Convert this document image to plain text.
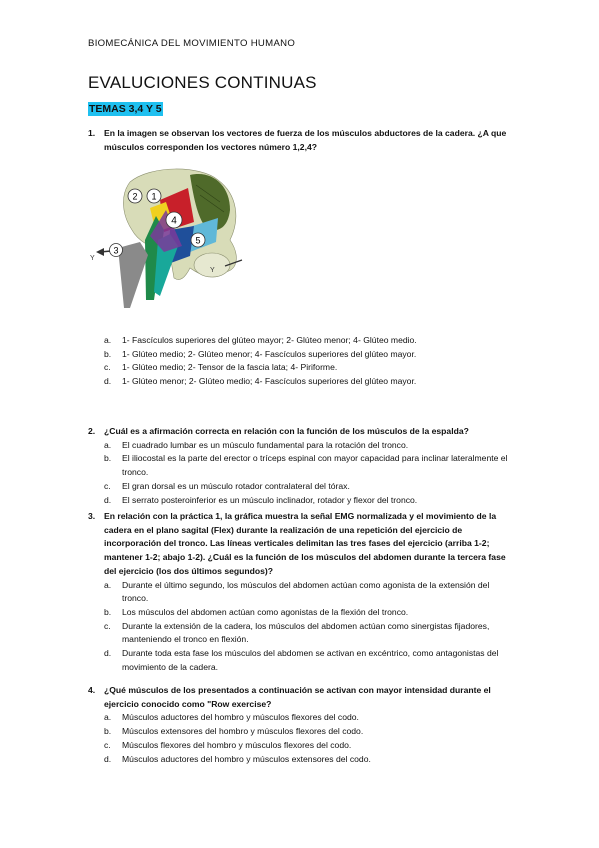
BIOMECÁNICA DEL MOVIMIENTO HUMANO
EVALUCIONES CONTINUAS
TEMAS 3,4 Y 5
1. En la imagen se observan los vectores de fuerza de los músculos abductores de la cadera. ¿A que músculos corresponden los vectores número 1,2,4?
2 1
4
3
5
Y
Y
a. 1- Fascículos superiores del glúteo mayor; 2- Glúteo menor; 4- Glúteo medio.
b. 1- Glúteo medio; 2- Glúteo menor; 4- Fascículos superiores del glúteo mayor.
c. 1- Glúteo medio; 2- Tensor de la fascia lata; 4- Piriforme.
d. 1- Glúteo menor; 2- Glúteo medio; 4- Fascículos superiores del glúteo mayor.
2. ¿Cuál es a afirmación correcta en relación con la función de los músculos de la espalda?
a. El cuadrado lumbar es un músculo fundamental para la rotación del tronco.
b. El iliocostal es la parte del erector o tríceps espinal con mayor capacidad para inclinar lateralmente el tronco.
c. El gran dorsal es un músculo rotador contralateral del tórax.
d. El serrato posteroinferior es un músculo inclinador, rotador y flexor del tronco.
3. En relación con la práctica 1, la gráfica muestra la señal EMG normalizada y el movimiento de la cadera en el plano sagital (Flex) durante la realización de una repetición del ejercicio de incorporación del tronco. Las líneas verticales delimitan las tres fases del ejercicio (arriba 1-2; mantener 1-2; abajo 1-2). ¿Cuál es la función de los músculos del abdomen durante la tercera fase del ejercicio (los dos últimos segundos)?
a. Durante el último segundo, los músculos del abdomen actúan como agonista de la extensión del tronco.
b. Los músculos del abdomen actúan como agonistas de la flexión del tronco.
c. Durante la extensión de la cadera, los músculos del abdomen actúan como sinergistas fijadores, manteniendo el tronco en flexión.
d. Durante toda esta fase los músculos del abdomen se activan en excéntrico, como antagonistas del movimiento de la cadera.
4. ¿Qué músculos de los presentados a continuación se activan con mayor intensidad durante el ejercicio conocido como "Row exercise?
a. Músculos aductores del hombro y músculos flexores del codo.
b. Músculos extensores del hombro y músculos flexores del codo.
c. Músculos flexores del hombro y músculos flexores del codo.
d. Músculos aductores del hombro y músculos extensores del codo.
